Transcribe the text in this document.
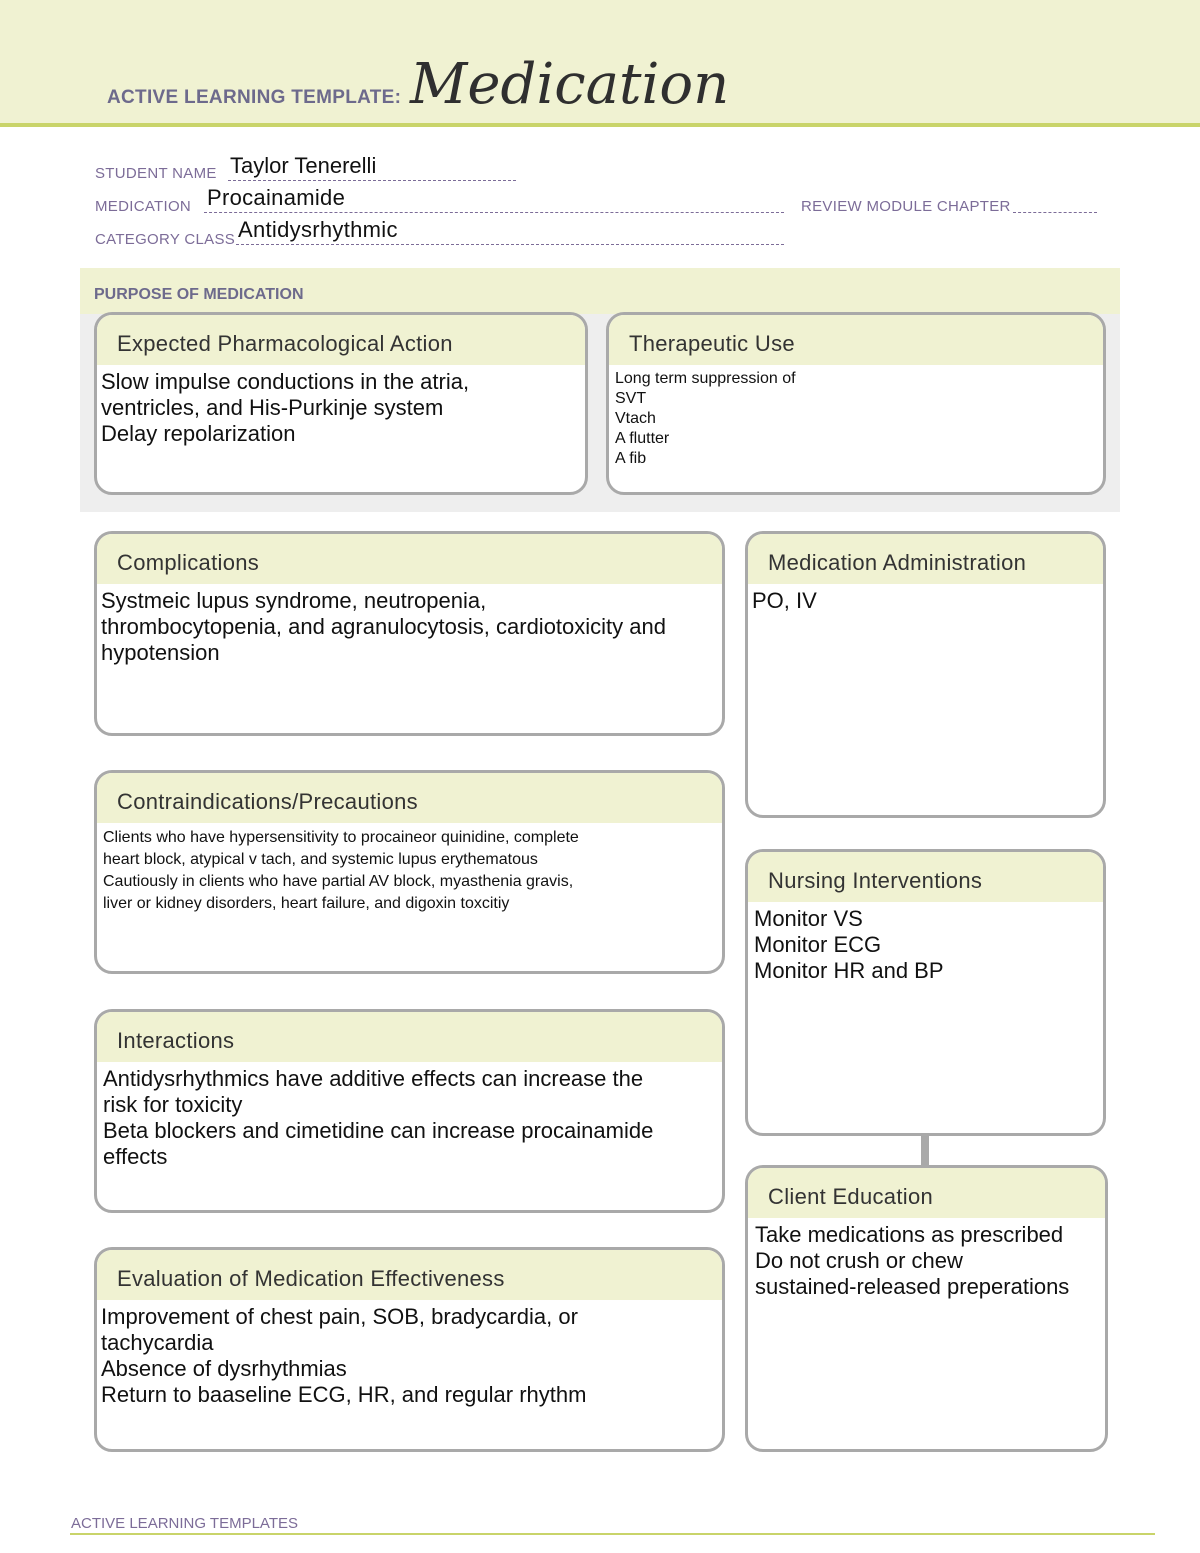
ACTIVE LEARNING TEMPLATE: Medication
STUDENT NAME Taylor Tenerelli
MEDICATION Procainamide	REVIEW MODULE CHAPTER
CATEGORY CLASS Antidysrhythmic
PURPOSE OF MEDICATION
Expected Pharmacological Action
Slow impulse conductions in the atria,
ventricles, and His-Purkinje system
Delay repolarization
Therapeutic Use
Long term suppression of
SVT
Vtach
A flutter
A fib
Complications
Systmeic lupus syndrome, neutropenia,
thrombocytopenia, and agranulocytosis, cardiotoxicity and
hypotension
Contraindications/Precautions
Clients who have hypersensitivity to procaineor quinidine, complete
heart block, atypical v tach, and systemic lupus erythematous
Cautiously in clients who have partial AV block, myasthenia gravis,
liver or kidney disorders, heart failure, and digoxin toxcitiy
Interactions
Antidysrhythmics have additive effects can increase the
risk for toxicity
Beta blockers and cimetidine can increase procainamide
effects
Evaluation of Medication Effectiveness
Improvement of chest pain, SOB, bradycardia, or
tachycardia
Absence of dysrhythmias
Return to baaseline ECG, HR, and regular rhythm
Medication Administration
PO, IV
Nursing Interventions
Monitor VS
Monitor ECG
Monitor HR and BP
Client Education
Take medications as prescribed
Do not crush or chew
sustained-released preperations
ACTIVE LEARNING TEMPLATES
